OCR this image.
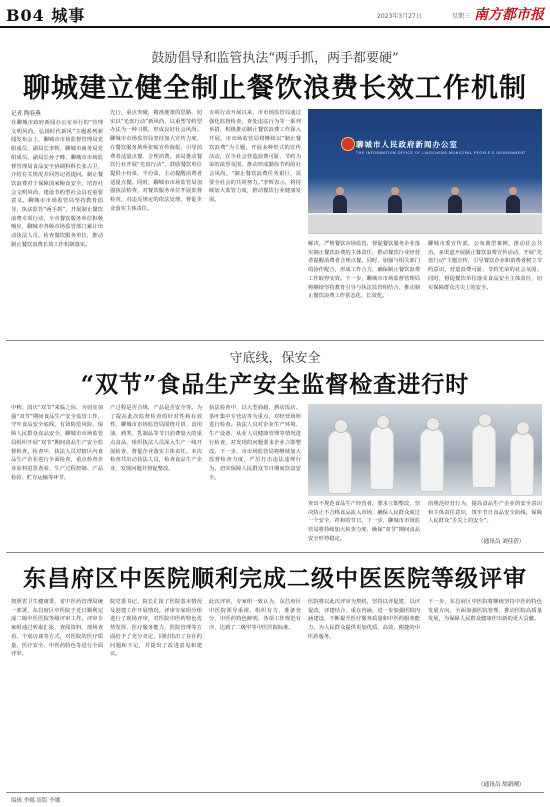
B04 城事	2023年3月27日	星期三 南方都市报
鼓励倡导和监管执法“两手抓，两手都要硬”
聊城建立健全制止餐饮浪费长效工作机制
记者 陶春燕
在聊城市政府新闻办公室举行的“管理文明风尚，弘扬时代新风”主题系列新闻发布会上，聊城市市场监督管理局党组成员、副局长李辉，聊城市商务局党组成员、副局长孙子峰、聊城市市场监督管理局食品安全协调科科长张占卫，介绍有关情况并回答记者提问。制止餐饮浪费对于保障国家粮食安全、培育社会文明风尚、建设节约型社会具有重要意义。聊城市市场监管局坚持教育倡导、执法监管“两手抓”，开展制止餐饮浪费专项行动，全市餐饮服务单位积极响应，聊城市各级市场监管部门累计出动执法人员，检查餐饮服务单位，推动制止餐饮浪费长效工作机制落实。
先行，重点突破，精准施策的思路，切实以“光盘行动”新风尚，以重塑节约型办法为一种习惯，形成良好社会风尚。聊城市市场监管局坚持加大宣传力度，在餐饮服务场所张贴宣传海报，引导消费者适量点餐、合理消费。该局推动餐饮行业开展“光盘行动”，鼓励餐饮单位提供小份菜、半份菜，主动提醒消费者适量点餐。同时，聊城市市场监管局加强执法检查，对餐饮服务单位开展监督检查，对违反规定的依法处理，督促企业落实主体责任。
专项行动开展以来，市市场监管局通过强化监督检查，查处违法行为等一系列举措，积极推动制止餐饮浪费工作深入开展。市市场监管局将继续以“制止餐饮浪费”为主题，开展多种形式的宣传活动，在全社会营造浪费可耻、节约为荣的浓厚氛围，推动形成勤俭节约的社会风尚。“制止餐饮浪费任务艰巨，需要全社会的共同努力。”李辉表示，将持续加大监管力度，推动餐饮行业健康发展。
聊城市人民政府新闻办公室
THE INFORMATION OFFICE OF LIAOCHENG MUNICIPAL PEOPLE'S GOVERNMENT
解决。严格餐饮市场监管，督促餐饮服务企业落实制止餐饮浪费的主体责任，推动餐饮行业经营者提醒消费者合理点餐。同时，加强与相关部门的协作配合，形成工作合力，确保制止餐饮浪费工作取得实效。下一步，聊城市市场监督管理局将继续坚持教育引导与执法监管相结合，推动制止餐饮浪费工作常态化、长效化。
聊城市委宣传部，公布典型案例，推动社会共治。多渠道开展制止餐饮浪费宣传活动，开展“光盘行动”主题宣传，引导餐饮企业和消费者树立节约意识，营造浪费可耻、节约光荣的社会氛围。同时，督促餐饮单位落实食品安全主体责任，切实保障群众舌尖上的安全。
守底线，保安全
“双节”食品生产安全监督检查进行时
中秋、国庆“双节”来临之际，为切实加强“双节”期间食品生产安全监管工作，守牢食品安全底线，有效防范风险，保障人民群众食品安全，聊城市市场监管局组织开展“双节”期间食品生产安全监督检查。检查中，执法人员对辖区内食品生产企业进行全面检查，重点检查企业原料进货查验、生产过程控制、产品检验、贮存运输等环节。
产过程是否合规，产品是否安全等。为了提高此次监督检查的针对性和有效性，聊城市市场监管局围绕月饼、食用油、酒类、乳制品等节日消费量大的重点食品，组织执法人员深入生产一线开展检查，督促企业落实主体责任。本次检查共出动执法人员，检查食品生产企业，发现问题并督促整改。
执法检查中，以大型商超、酒店饭店、茶叶集中专营店等为重点，对经营场所进行检查。执法人员对企业生产环境、生产设备、从业人员健康管理等情况进行检查，对发现的问题要求企业立即整改。下一步，市市场监管局将继续加大监督检查力度，严厉打击违法违规行为，切实保障人民群众节日期间饮食安全。
查出不规范食品生产经营者，要求立即整改，坚决防止不合格食品流入市场，确保人民群众度过一个安全、祥和的节日。下一步，聊城市市场监管局将持续加大检查力度，确保“双节”期间食品安全形势稳定。
的规范经营行为，提高食品生产企业的安全意识和主体责任意识，筑牢节日食品安全防线，保障人民群众“舌尖上的安全”。
（通讯员 刘佳蓓）
东昌府区中医院顺利完成二级中医医院等级评审
按照省卫生健康委、省中医药管理局统一部署，东昌府区中医院于近日顺利完成二级中医医院等级评审工作。评审专家组通过听取汇报、查阅资料、现场查看、个别访谈等方式，对医院的医疗质量、医疗安全、中医药特色等进行全面评审。
院党委书记、院长汇报了医院基本情况及创建工作开展情况。评审专家组分组进行了现场评审，对医院中医药特色优势发挥、医疗服务能力、医院管理等方面给予了充分肯定，同时指出了存在的问题和不足，并提出了改进意见和建议。
此次评审，专家组一致认为，东昌府区中医院领导重视、组织有力、准备充分，中医药特色鲜明，各项工作规范有序，达到了二级甲等中医医院标准。
医院将以此次评审为契机，坚持以评促建、以评促改、评建结合、重在内涵，进一步加强医院内涵建设，不断提升医疗服务质量和中医药服务能力，为人民群众提供更加优质、高效、便捷的中医药服务。
下一步，东昌府区中医院将继续坚持中医药特色发展方向，全面加强医院管理，推动医院高质量发展，为保障人民群众健康作出新的更大贡献。
（通讯员 胡新刚）
编辑 李娜 组版 李娜
